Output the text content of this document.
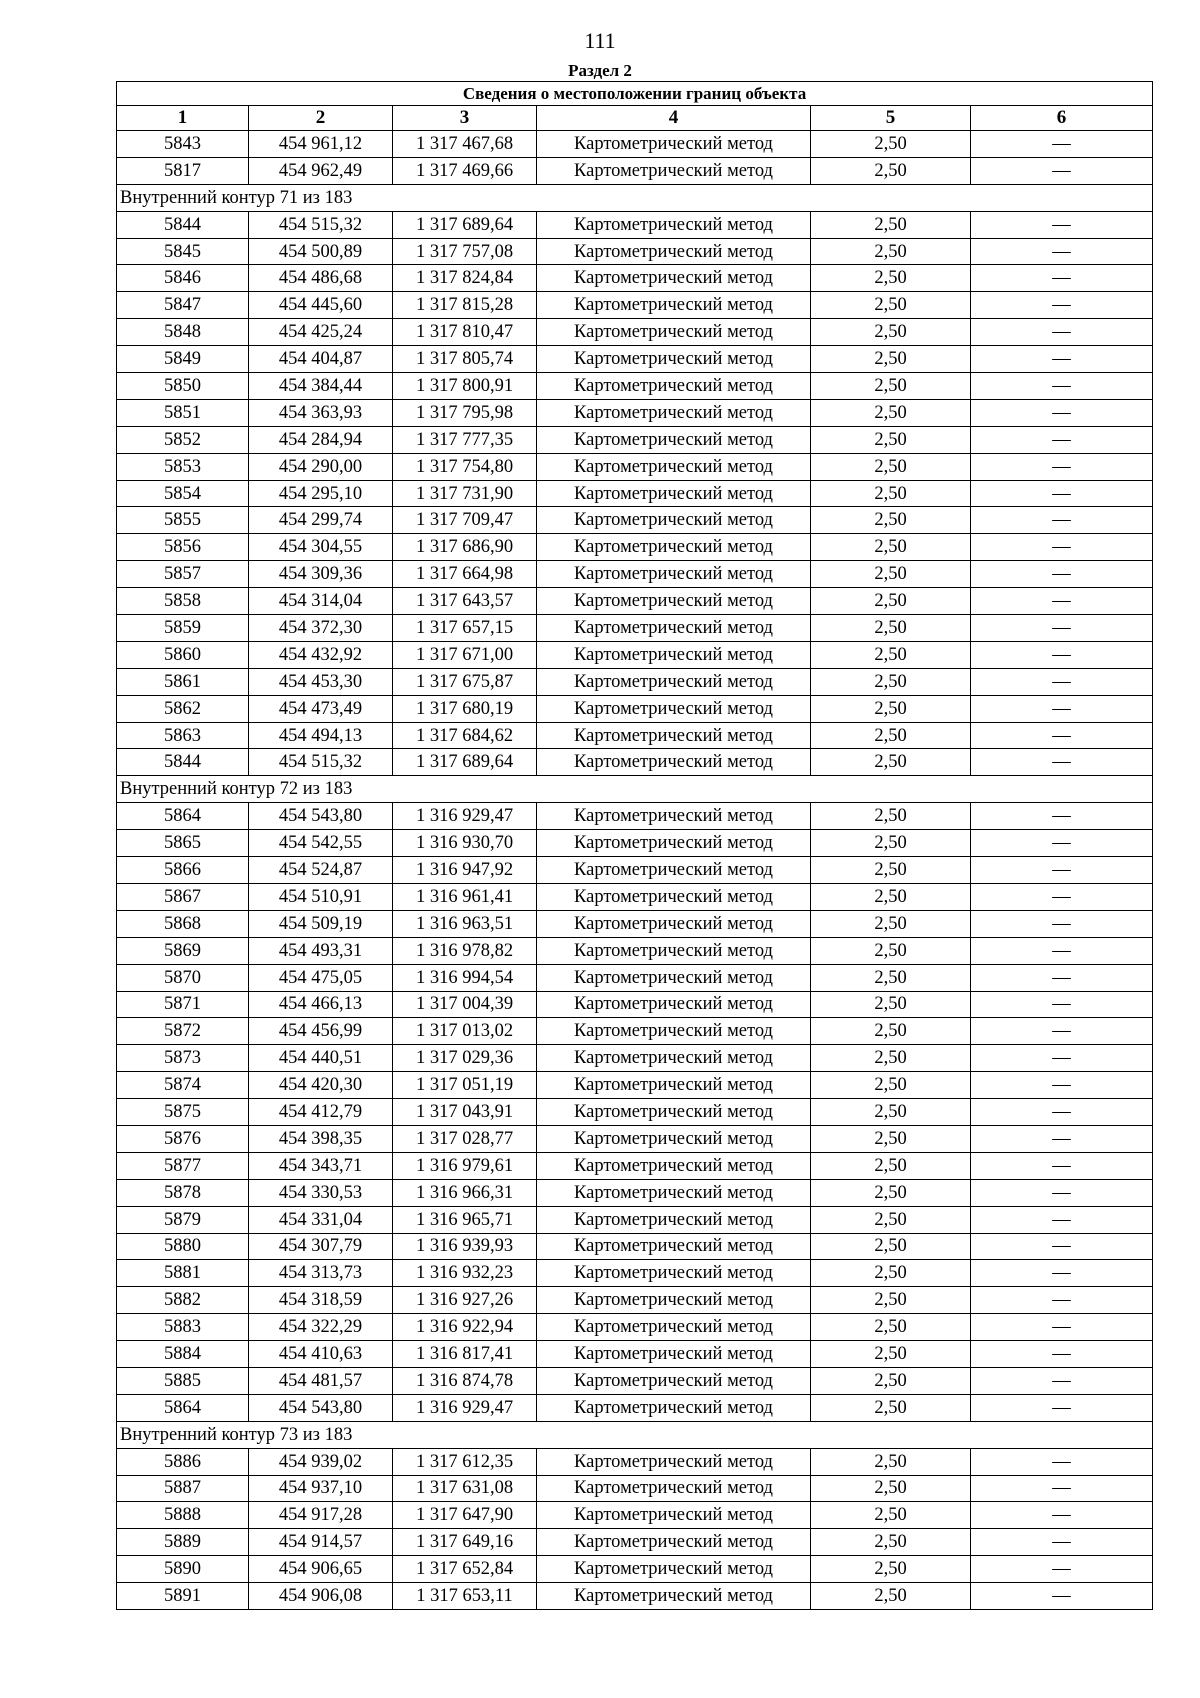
111
Раздел 2
Сведения о местоположении границ объекта					
1	2	3	4	5	6
5843	454 961,12	1 317 467,68	Картометрический метод	2,50	—
5817	454 962,49	1 317 469,66	Картометрический метод	2,50	—
Внутренний контур 71 из 183					
5844	454 515,32	1 317 689,64	Картометрический метод	2,50	—
5845	454 500,89	1 317 757,08	Картометрический метод	2,50	—
5846	454 486,68	1 317 824,84	Картометрический метод	2,50	—
5847	454 445,60	1 317 815,28	Картометрический метод	2,50	—
5848	454 425,24	1 317 810,47	Картометрический метод	2,50	—
5849	454 404,87	1 317 805,74	Картометрический метод	2,50	—
5850	454 384,44	1 317 800,91	Картометрический метод	2,50	—
5851	454 363,93	1 317 795,98	Картометрический метод	2,50	—
5852	454 284,94	1 317 777,35	Картометрический метод	2,50	—
5853	454 290,00	1 317 754,80	Картометрический метод	2,50	—
5854	454 295,10	1 317 731,90	Картометрический метод	2,50	—
5855	454 299,74	1 317 709,47	Картометрический метод	2,50	—
5856	454 304,55	1 317 686,90	Картометрический метод	2,50	—
5857	454 309,36	1 317 664,98	Картометрический метод	2,50	—
5858	454 314,04	1 317 643,57	Картометрический метод	2,50	—
5859	454 372,30	1 317 657,15	Картометрический метод	2,50	—
5860	454 432,92	1 317 671,00	Картометрический метод	2,50	—
5861	454 453,30	1 317 675,87	Картометрический метод	2,50	—
5862	454 473,49	1 317 680,19	Картометрический метод	2,50	—
5863	454 494,13	1 317 684,62	Картометрический метод	2,50	—
5844	454 515,32	1 317 689,64	Картометрический метод	2,50	—
Внутренний контур 72 из 183					
5864	454 543,80	1 316 929,47	Картометрический метод	2,50	—
5865	454 542,55	1 316 930,70	Картометрический метод	2,50	—
5866	454 524,87	1 316 947,92	Картометрический метод	2,50	—
5867	454 510,91	1 316 961,41	Картометрический метод	2,50	—
5868	454 509,19	1 316 963,51	Картометрический метод	2,50	—
5869	454 493,31	1 316 978,82	Картометрический метод	2,50	—
5870	454 475,05	1 316 994,54	Картометрический метод	2,50	—
5871	454 466,13	1 317 004,39	Картометрический метод	2,50	—
5872	454 456,99	1 317 013,02	Картометрический метод	2,50	—
5873	454 440,51	1 317 029,36	Картометрический метод	2,50	—
5874	454 420,30	1 317 051,19	Картометрический метод	2,50	—
5875	454 412,79	1 317 043,91	Картометрический метод	2,50	—
5876	454 398,35	1 317 028,77	Картометрический метод	2,50	—
5877	454 343,71	1 316 979,61	Картометрический метод	2,50	—
5878	454 330,53	1 316 966,31	Картометрический метод	2,50	—
5879	454 331,04	1 316 965,71	Картометрический метод	2,50	—
5880	454 307,79	1 316 939,93	Картометрический метод	2,50	—
5881	454 313,73	1 316 932,23	Картометрический метод	2,50	—
5882	454 318,59	1 316 927,26	Картометрический метод	2,50	—
5883	454 322,29	1 316 922,94	Картометрический метод	2,50	—
5884	454 410,63	1 316 817,41	Картометрический метод	2,50	—
5885	454 481,57	1 316 874,78	Картометрический метод	2,50	—
5864	454 543,80	1 316 929,47	Картометрический метод	2,50	—
Внутренний контур 73 из 183					
5886	454 939,02	1 317 612,35	Картометрический метод	2,50	—
5887	454 937,10	1 317 631,08	Картометрический метод	2,50	—
5888	454 917,28	1 317 647,90	Картометрический метод	2,50	—
5889	454 914,57	1 317 649,16	Картометрический метод	2,50	—
5890	454 906,65	1 317 652,84	Картометрический метод	2,50	—
5891	454 906,08	1 317 653,11	Картометрический метод	2,50	—
